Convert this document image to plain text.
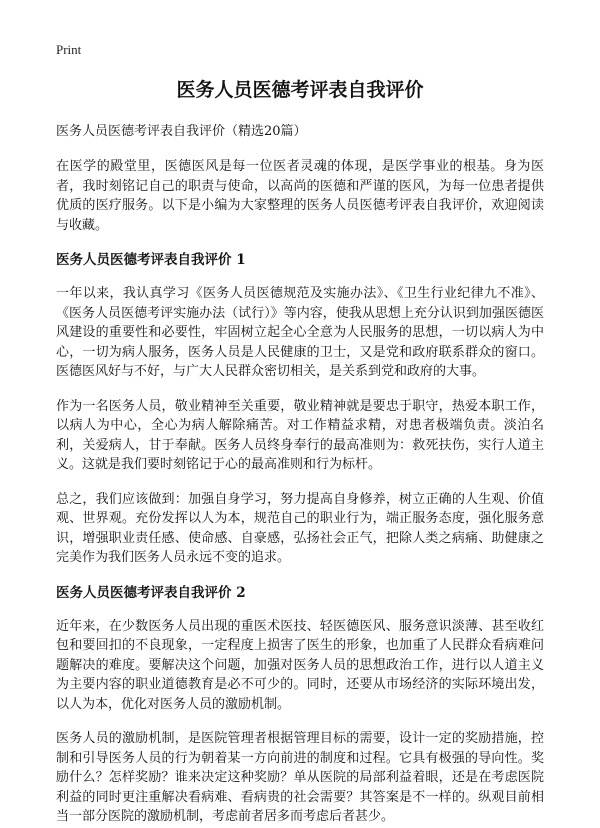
Print
医务人员医德考评表自我评价
医务人员医德考评表自我评价（精选20篇）

在医学的殿堂里，医德医风是每一位医者灵魂的体现，是医学事业的根基。身为医者，我时刻铭记自己的职责与使命，以高尚的医德和严谨的医风，为每一位患者提供优质的医疗服务。以下是小编为大家整理的医务人员医德考评表自我评价，欢迎阅读与收藏。

医务人员医德考评表自我评价 1

一年以来，我认真学习《医务人员医德规范及实施办法》、《卫生行业纪律九不准》、《医务人员医德考评实施办法（试行）》等内容，使我从思想上充分认识到加强医德医风建设的重要性和必要性，牢固树立起全心全意为人民服务的思想，一切以病人为中心，一切为病人服务，医务人员是人民健康的卫士，又是党和政府联系群众的窗口。医德医风好与不好，与广大人民群众密切相关，是关系到党和政府的大事。

作为一名医务人员，敬业精神至关重要，敬业精神就是要忠于职守，热爱本职工作，以病人为中心，全心为病人解除痛苦。对工作精益求精，对患者极端负责。淡泊名利，关爱病人，甘于奉献。医务人员终身奉行的最高准则为：救死扶伤，实行人道主义。这就是我们要时刻铭记于心的最高准则和行为标杆。

总之，我们应该做到：加强自身学习，努力提高自身修养，树立正确的人生观、价值观、世界观。充份发挥以人为本，规范自己的职业行为，端正服务态度，强化服务意识，增强职业责任感、使命感、自豪感，弘扬社会正气，把除人类之病痛、助健康之完美作为我们医务人员永远不变的追求。

医务人员医德考评表自我评价 2

近年来，在少数医务人员出现的重医术医技、轻医德医风、服务意识淡薄、甚至收红包和要回扣的不良现象，一定程度上损害了医生的形象，也加重了人民群众看病难问题解决的难度。要解决这个问题，加强对医务人员的思想政治工作，进行以人道主义为主要内容的职业道德教育是必不可少的。同时，还要从市场经济的实际环境出发，以人为本，优化对医务人员的激励机制。

医务人员的激励机制，是医院管理者根据管理目标的需要，设计一定的奖励措施，控制和引导医务人员的行为朝着某一方向前进的制度和过程。它具有极强的导向性。奖励什么？怎样奖励？谁来决定这种奖励？单从医院的局部利益着眼，还是在考虑医院利益的同时更注重解决看病难、看病贵的社会需要？其答案是不一样的。纵观目前相当一部分医院的激励机制，考虑前者居多而考虑后者甚少。
